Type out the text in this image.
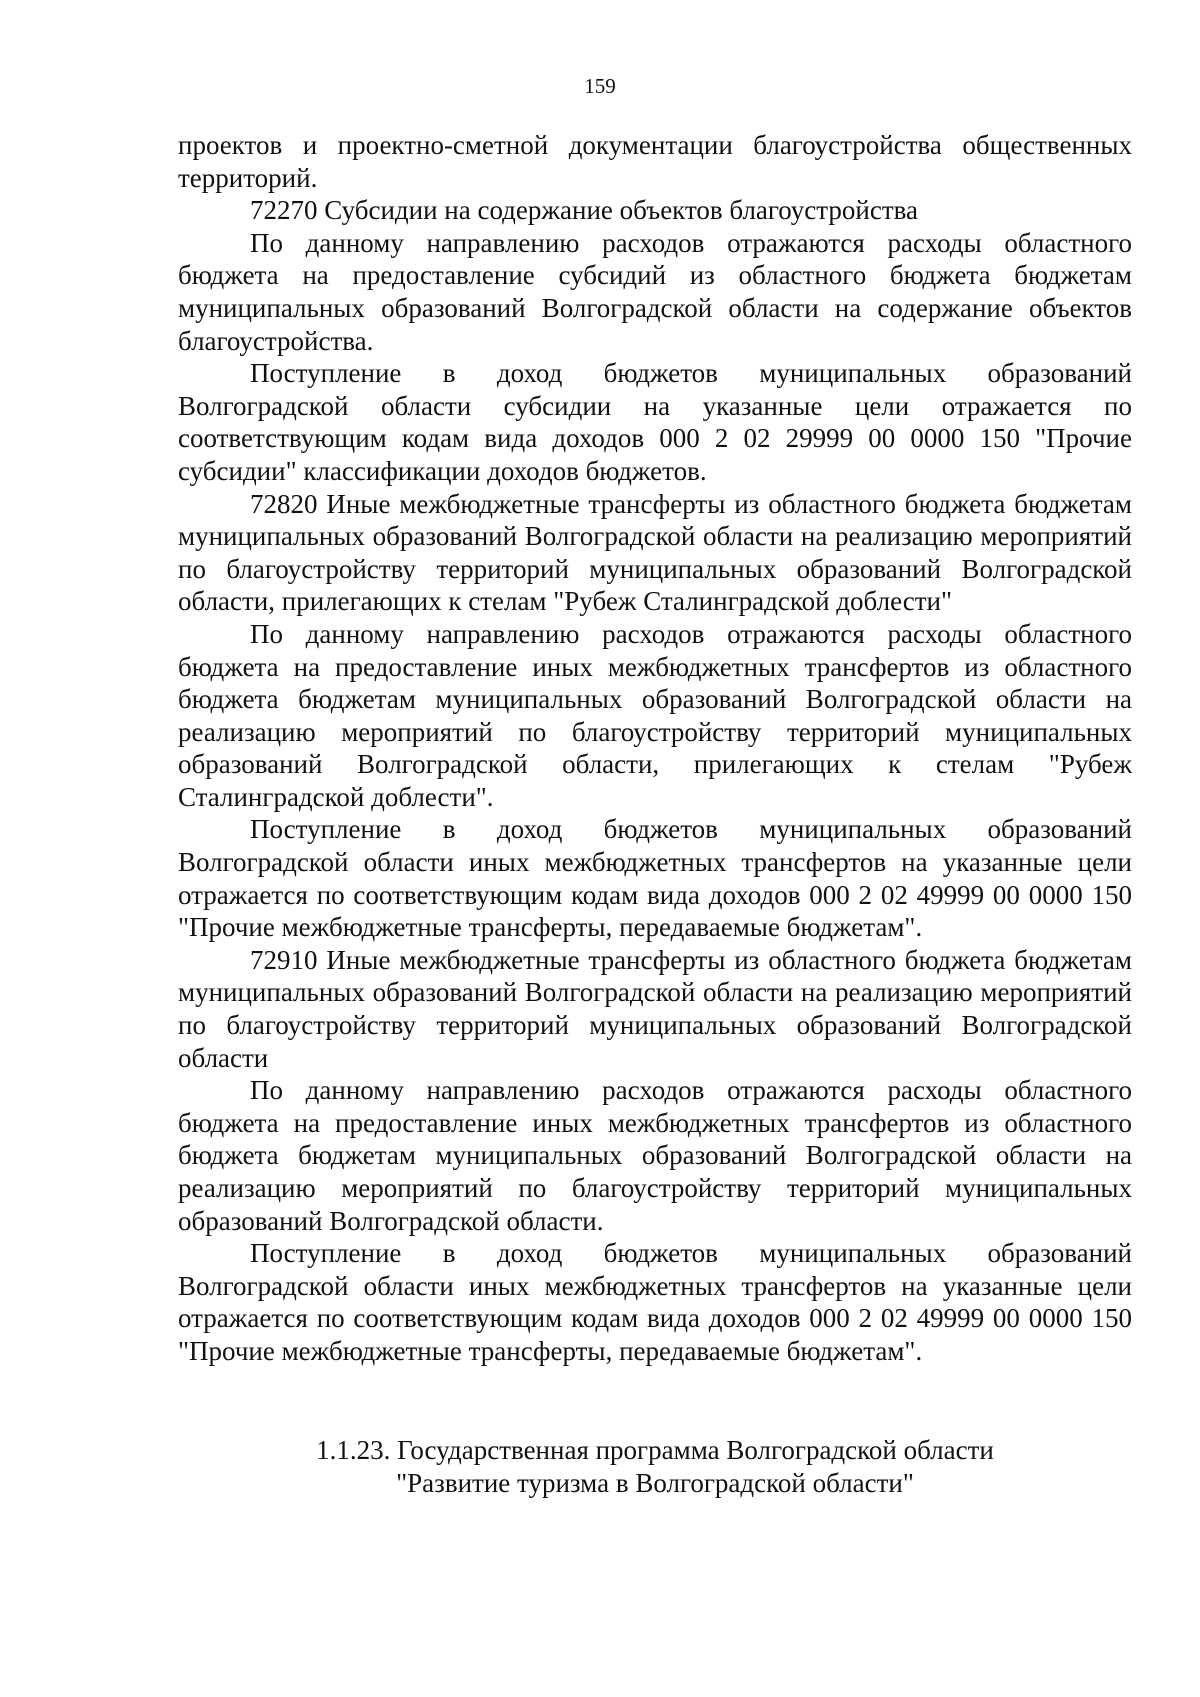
159

проектов и проектно-сметной документации благоустройства общественных территорий.

72270 Субсидии на содержание объектов благоустройства

По данному направлению расходов отражаются расходы областного бюджета на предоставление субсидий из областного бюджета бюджетам муниципальных образований Волгоградской области на содержание объектов благоустройства.

Поступление в доход бюджетов муниципальных образований Волгоградской области субсидии на указанные цели отражается по соответствующим кодам вида доходов 000 2 02 29999 00 0000 150 "Прочие субсидии" классификации доходов бюджетов.

72820 Иные межбюджетные трансферты из областного бюджета бюджетам муниципальных образований Волгоградской области на реализацию мероприятий по благоустройству территорий муниципальных образований Волгоградской области, прилегающих к стелам "Рубеж Сталинградской доблести"

По данному направлению расходов отражаются расходы областного бюджета на предоставление иных межбюджетных трансфертов из областного бюджета бюджетам муниципальных образований Волгоградской области на реализацию мероприятий по благоустройству территорий муниципальных образований Волгоградской области, прилегающих к стелам "Рубеж Сталинградской доблести".

Поступление в доход бюджетов муниципальных образований Волгоградской области иных межбюджетных трансфертов на указанные цели отражается по соответствующим кодам вида доходов 000 2 02 49999 00 0000 150 "Прочие межбюджетные трансферты, передаваемые бюджетам".

72910 Иные межбюджетные трансферты из областного бюджета бюджетам муниципальных образований Волгоградской области на реализацию мероприятий по благоустройству территорий муниципальных образований Волгоградской области

По данному направлению расходов отражаются расходы областного бюджета на предоставление иных межбюджетных трансфертов из областного бюджета бюджетам муниципальных образований Волгоградской области на реализацию мероприятий по благоустройству территорий муниципальных образований Волгоградской области.

Поступление в доход бюджетов муниципальных образований Волгоградской области иных межбюджетных трансфертов на указанные цели отражается по соответствующим кодам вида доходов 000 2 02 49999 00 0000 150 "Прочие межбюджетные трансферты, передаваемые бюджетам".

1.1.23. Государственная программа Волгоградской области
"Развитие туризма в Волгоградской области"
